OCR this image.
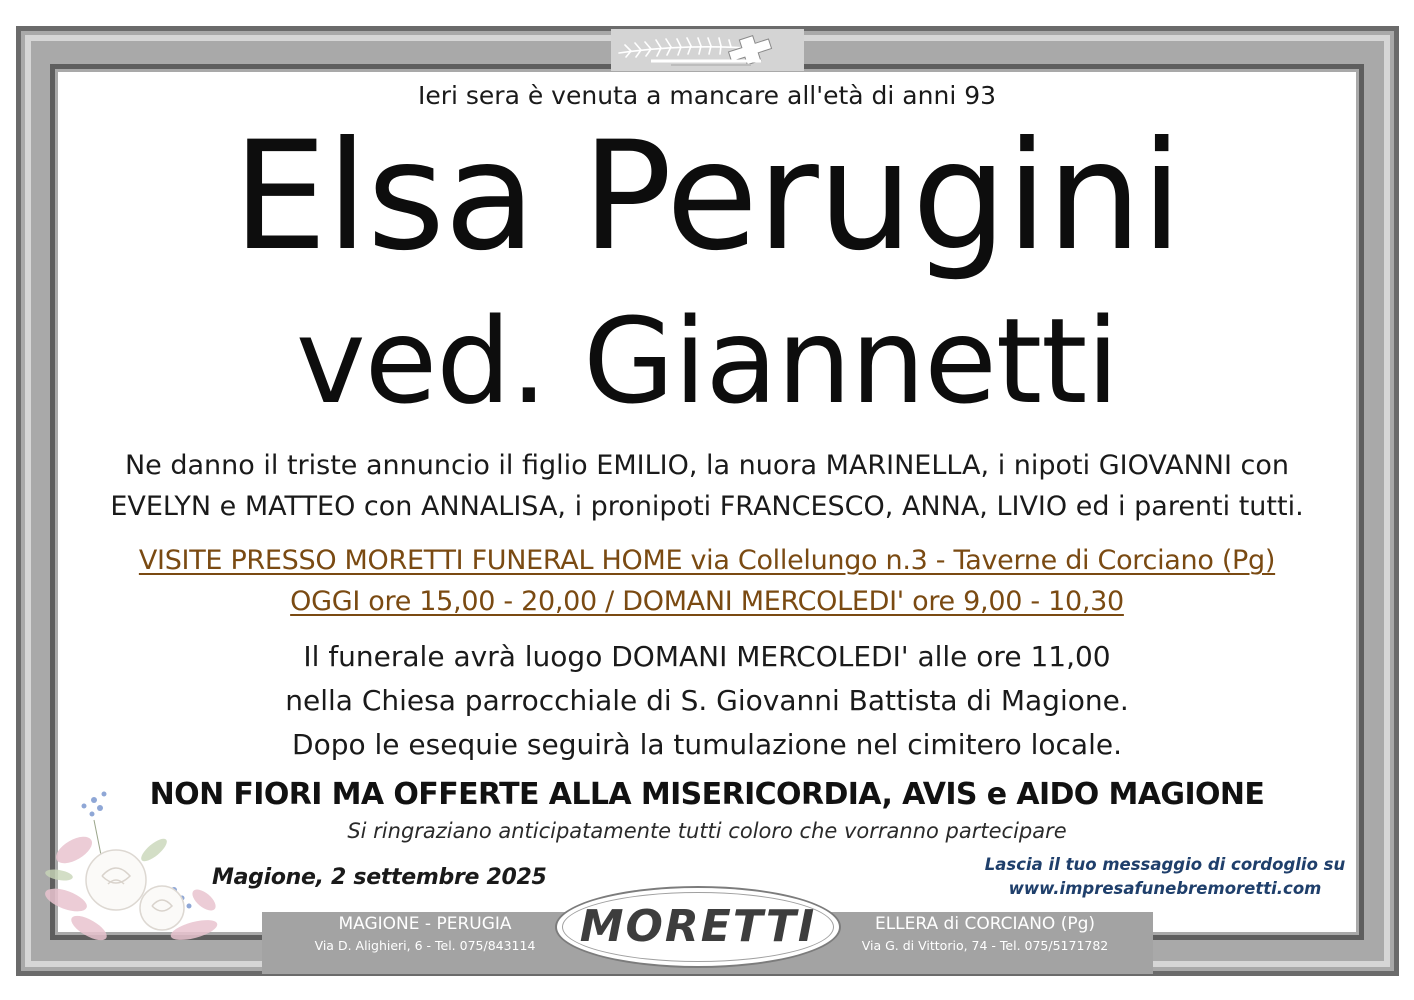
Ieri sera è venuta a mancare all'età di anni 93
Elsa Perugini
ved. Giannetti
Ne danno il triste annuncio il figlio EMILIO, la nuora MARINELLA, i nipoti GIOVANNI con
EVELYN e MATTEO con ANNALISA, i pronipoti FRANCESCO, ANNA, LIVIO ed i parenti tutti.
VISITE PRESSO MORETTI FUNERAL HOME via Collelungo n.3 - Taverne di Corciano (Pg)
OGGI ore 15,00 - 20,00 / DOMANI MERCOLEDI' ore 9,00 - 10,30
Il funerale avrà luogo DOMANI MERCOLEDI' alle ore 11,00
nella Chiesa parrocchiale di S. Giovanni Battista di Magione.
Dopo le esequie seguirà la tumulazione nel cimitero locale.
NON FIORI MA OFFERTE ALLA MISERICORDIA, AVIS e AIDO MAGIONE
Si ringraziano anticipatamente tutti coloro che vorranno partecipare
Magione, 2 settembre 2025
Lascia il tuo messaggio di cordoglio su
www.impresafunebremoretti.com
MAGIONE - PERUGIA
Via D. Alighieri, 6 - Tel. 075/843114
ELLERA di CORCIANO (Pg)
Via G. di Vittorio, 74 - Tel. 075/5171782
MORETTI
